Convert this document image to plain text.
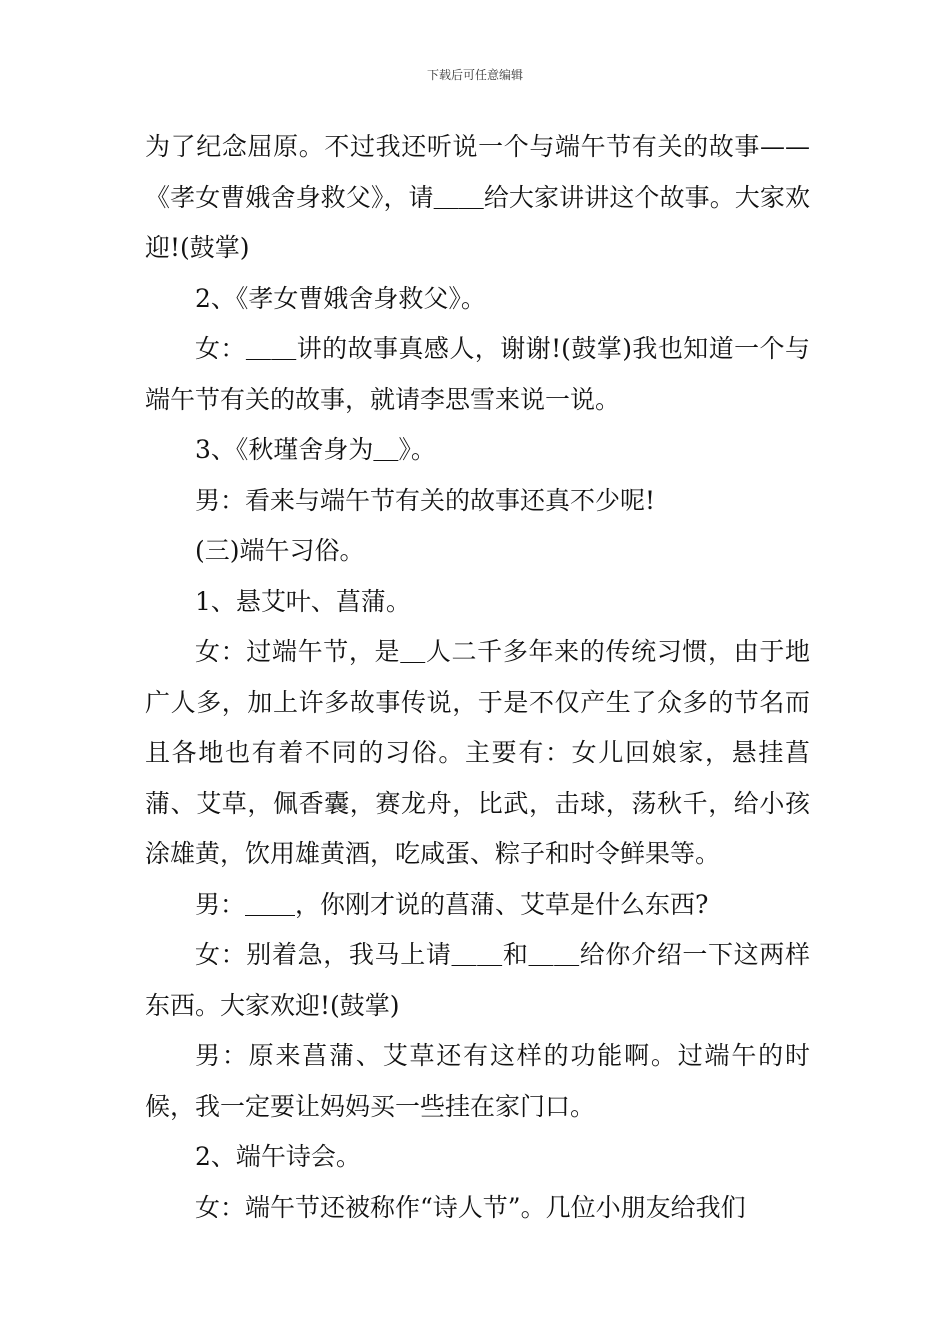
下载后可任意编辑

为了纪念屈原。不过我还听说一个与端午节有关的故事——《孝女曹娥舍身救父》，请＿＿给大家讲讲这个故事。大家欢迎!(鼓掌)

2、《孝女曹娥舍身救父》。

女：＿＿讲的故事真感人，谢谢!(鼓掌)我也知道一个与端午节有关的故事，就请李思雪来说一说。

3、《秋瑾舍身为＿》。

男：看来与端午节有关的故事还真不少呢!

(三)端午习俗。

1、悬艾叶、菖蒲。

女：过端午节，是＿人二千多年来的传统习惯，由于地广人多，加上许多故事传说，于是不仅产生了众多的节名而且各地也有着不同的习俗。主要有：女儿回娘家，悬挂菖蒲、艾草，佩香囊，赛龙舟，比武，击球，荡秋千，给小孩涂雄黄，饮用雄黄酒，吃咸蛋、粽子和时令鲜果等。

男：＿＿，你刚才说的菖蒲、艾草是什么东西?

女：别着急，我马上请＿＿和＿＿给你介绍一下这两样东西。大家欢迎!(鼓掌)

男：原来菖蒲、艾草还有这样的功能啊。过端午的时候，我一定要让妈妈买一些挂在家门口。

2、端午诗会。

女：端午节还被称作“诗人节”。几位小朋友给我们
